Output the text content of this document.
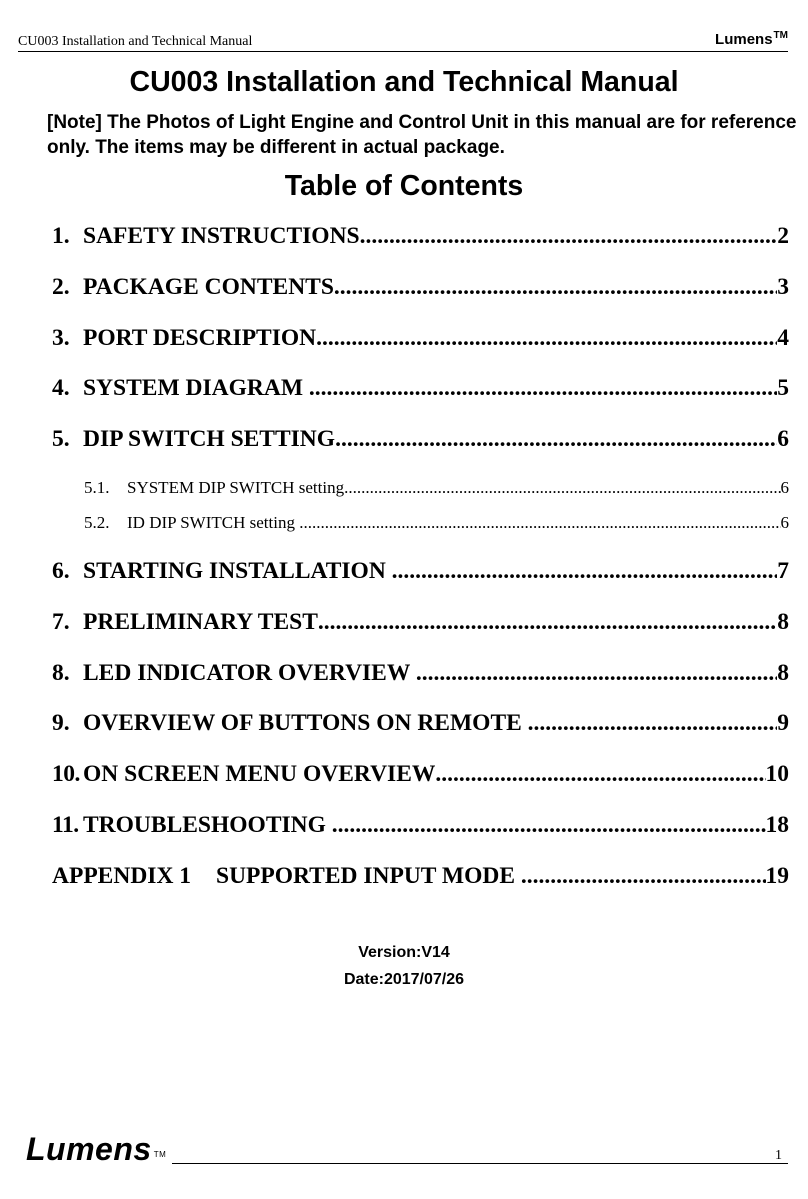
CU003 Installation and Technical Manual	Lumens™
CU003 Installation and Technical Manual

[Note] The Photos of Light Engine and Control Unit in this manual are for reference only. The items may be different in actual package.

Table of Contents
1. SAFETY INSTRUCTIONS .....	2
2. PACKAGE CONTENTS .....	3
3. PORT DESCRIPTION .....	4
4. SYSTEM DIAGRAM .....	5
5. DIP SWITCH SETTING .....	6
5.1.	SYSTEM DIP SWITCH setting .....	6
5.2.	ID DIP SWITCH setting .....	6
6. STARTING INSTALLATION .....	7
7. PRELIMINARY TEST .....	8
8. LED INDICATOR OVERVIEW .....	8
9. OVERVIEW OF BUTTONS ON REMOTE .....	9
10. ON SCREEN MENU OVERVIEW .....	10
11. TROUBLESHOOTING .....	18
APPENDIX 1	SUPPORTED INPUT MODE .....	19
Version:V14
Date:2017/07/26
Lumens ™	1
